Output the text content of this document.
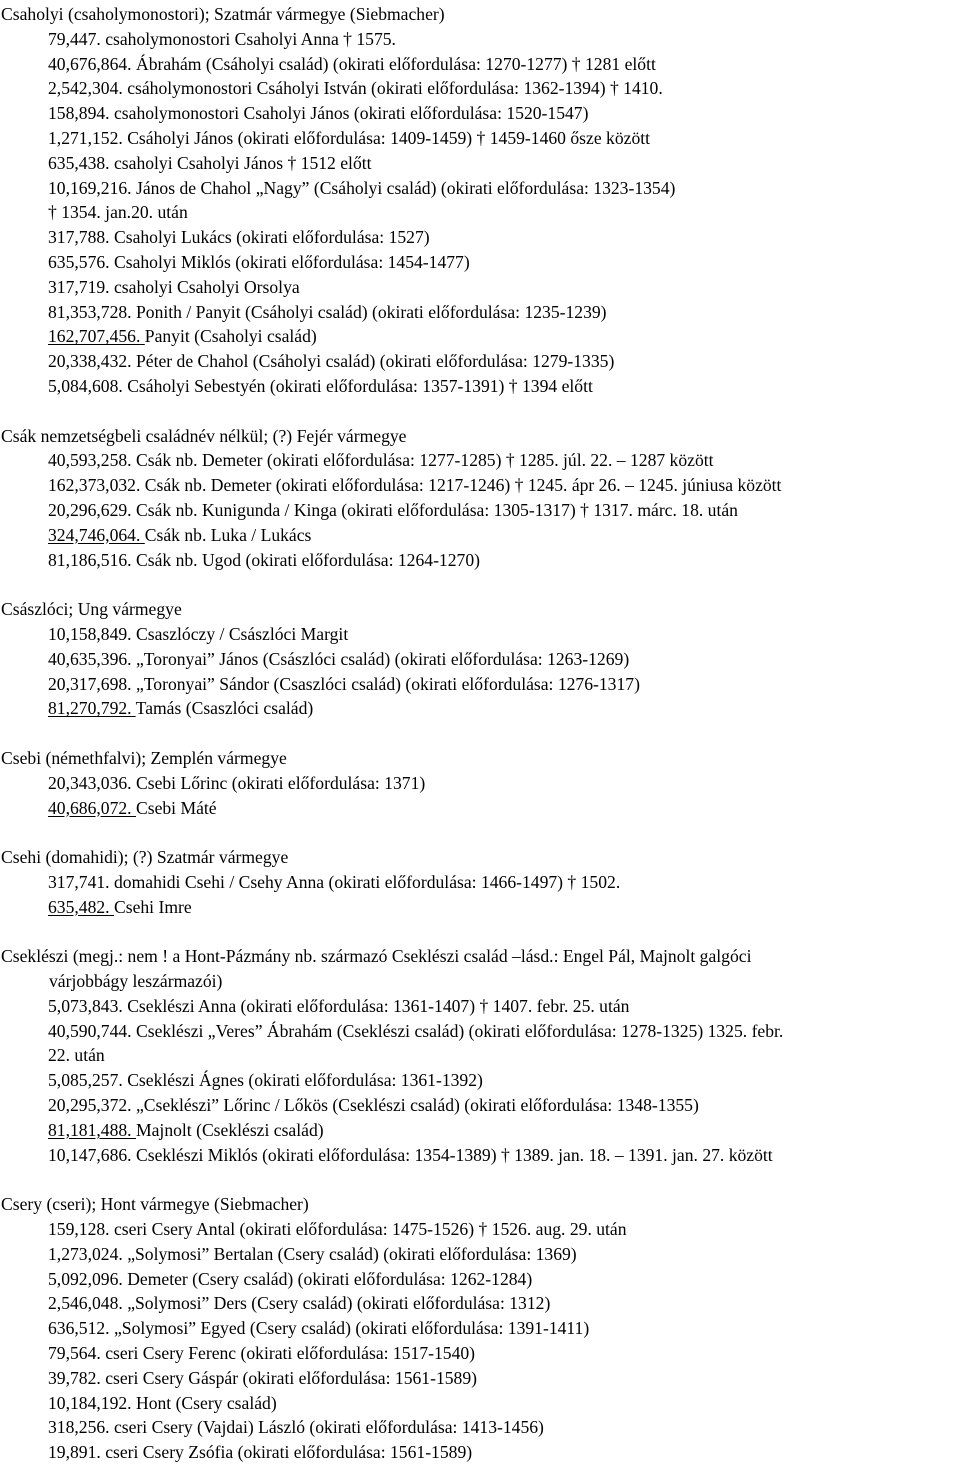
Csaholyi (csaholymonostori); Szatmár vármegye (Siebmacher)
79,447. csaholymonostori Csaholyi Anna † 1575.
40,676,864. Ábrahám (Csáholyi család) (okirati előfordulása: 1270-1277) † 1281 előtt
2,542,304. csáholymonostori Csáholyi István (okirati előfordulása: 1362-1394) † 1410.
158,894. csaholymonostori Csaholyi János (okirati előfordulása: 1520-1547)
1,271,152. Csáholyi János (okirati előfordulása: 1409-1459) † 1459-1460 ősze között
635,438. csaholyi Csaholyi János † 1512 előtt
10,169,216. János de Chahol „Nagy” (Csáholyi család) (okirati előfordulása: 1323-1354)
† 1354. jan.20. után
317,788. Csaholyi Lukács (okirati előfordulása: 1527)
635,576. Csaholyi Miklós (okirati előfordulása: 1454-1477)
317,719. csaholyi Csaholyi Orsolya
81,353,728. Ponith / Panyit (Csáholyi család) (okirati előfordulása: 1235-1239)
162,707,456. Panyit (Csaholyi család)
20,338,432. Péter de Chahol (Csáholyi család) (okirati előfordulása: 1279-1335)
5,084,608. Csáholyi Sebestyén (okirati előfordulása: 1357-1391) † 1394 előtt
Csák nemzetségbeli családnév nélkül; (?) Fejér vármegye
40,593,258. Csák nb. Demeter (okirati előfordulása: 1277-1285) † 1285. júl. 22. – 1287 között
162,373,032. Csák nb. Demeter (okirati előfordulása: 1217-1246) † 1245. ápr 26. – 1245. júniusa között
20,296,629. Csák nb. Kunigunda / Kinga (okirati előfordulása: 1305-1317) † 1317. márc. 18. után
324,746,064. Csák nb. Luka / Lukács
81,186,516. Csák nb. Ugod (okirati előfordulása: 1264-1270)
Császlóci; Ung vármegye
10,158,849. Csaszlóczy / Császlóci Margit
40,635,396. „Toronyai” János (Császlóci család) (okirati előfordulása: 1263-1269)
20,317,698. „Toronyai” Sándor (Csaszlóci család) (okirati előfordulása: 1276-1317)
81,270,792. Tamás (Csaszlóci család)
Csebi (némethfalvi); Zemplén vármegye
20,343,036. Csebi Lőrinc (okirati előfordulása: 1371)
40,686,072. Csebi Máté
Csehi (domahidi); (?) Szatmár vármegye
317,741. domahidi Csehi / Csehy Anna (okirati előfordulása: 1466-1497) † 1502.
635,482. Csehi Imre
Cseklészi (megj.: nem ! a Hont-Pázmány nb. származó Cseklészi család –lásd.: Engel Pál, Majnolt galgóci
várjobbágy leszármazói)
5,073,843. Cseklészi Anna (okirati előfordulása: 1361-1407) † 1407. febr. 25. után
40,590,744. Cseklészi „Veres” Ábrahám (Cseklészi család) (okirati előfordulása: 1278-1325) 1325. febr.
22. után
5,085,257. Cseklészi Ágnes (okirati előfordulása: 1361-1392)
20,295,372. „Cseklészi” Lőrinc / Lőkös (Cseklészi család) (okirati előfordulása: 1348-1355)
81,181,488. Majnolt (Cseklészi család)
10,147,686. Cseklészi Miklós (okirati előfordulása: 1354-1389) † 1389. jan. 18. – 1391. jan. 27. között
Csery (cseri); Hont vármegye (Siebmacher)
159,128. cseri Csery Antal (okirati előfordulása: 1475-1526) † 1526. aug. 29. után
1,273,024. „Solymosi” Bertalan (Csery család) (okirati előfordulása: 1369)
5,092,096. Demeter (Csery család) (okirati előfordulása: 1262-1284)
2,546,048. „Solymosi” Ders (Csery család) (okirati előfordulása: 1312)
636,512. „Solymosi” Egyed (Csery család) (okirati előfordulása: 1391-1411)
79,564. cseri Csery Ferenc (okirati előfordulása: 1517-1540)
39,782. cseri Csery Gáspár (okirati előfordulása: 1561-1589)
10,184,192. Hont (Csery család)
318,256. cseri Csery (Vajdai) László (okirati előfordulása: 1413-1456)
19,891. cseri Csery Zsófia (okirati előfordulása: 1561-1589)
